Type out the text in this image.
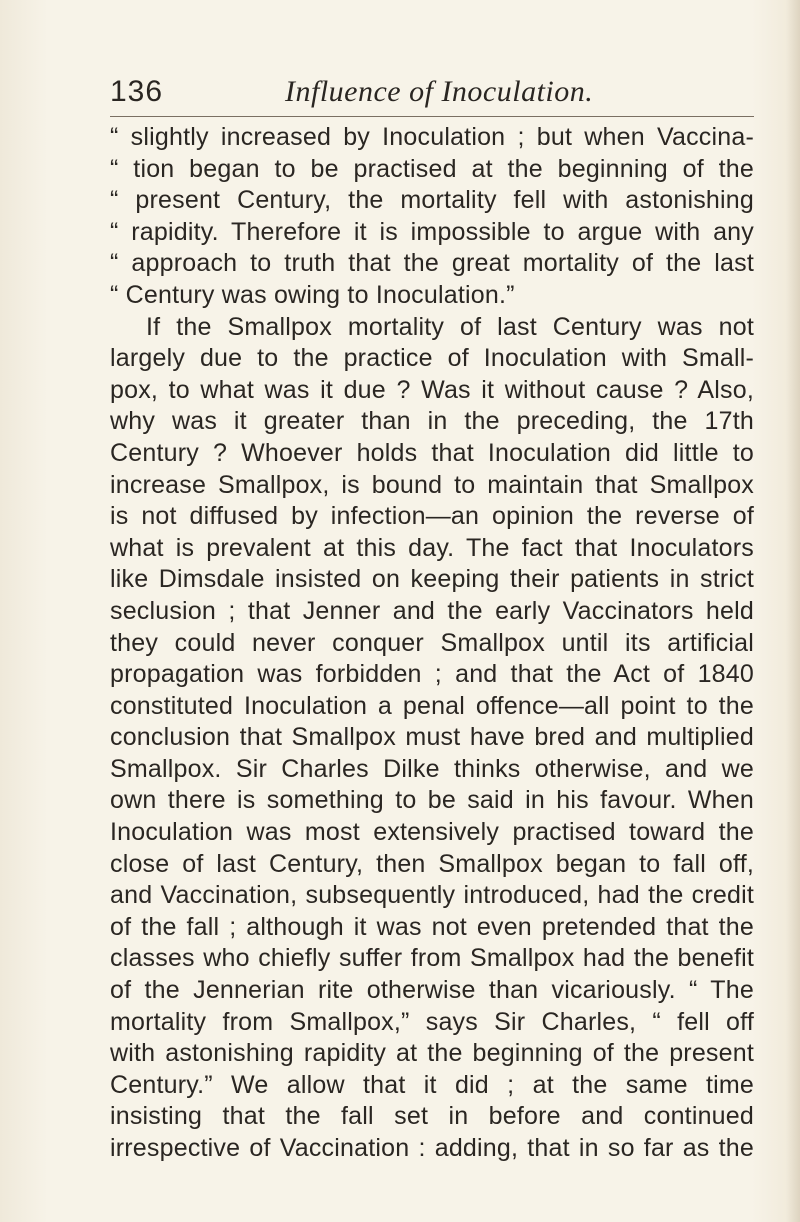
136	Influence of Inoculation.
“ slightly increased by Inoculation ; but when Vaccina-
“ tion began to be practised at the beginning of the
“ present Century, the mortality fell with astonishing
“ rapidity. Therefore it is impossible to argue with any
“ approach to truth that the great mortality of the last
“ Century was owing to Inoculation.”
If the Smallpox mortality of last Century was not
largely due to the practice of Inoculation with Small-
pox, to what was it due ? Was it without cause ? Also,
why was it greater than in the preceding, the 17th
Century ? Whoever holds that Inoculation did little to
increase Smallpox, is bound to maintain that Smallpox
is not diffused by infection—an opinion the reverse of
what is prevalent at this day. The fact that Inoculators
like Dimsdale insisted on keeping their patients in strict
seclusion ; that Jenner and the early Vaccinators held
they could never conquer Smallpox until its artificial
propagation was forbidden ; and that the Act of 1840
constituted Inoculation a penal offence—all point to the
conclusion that Smallpox must have bred and multiplied
Smallpox. Sir Charles Dilke thinks otherwise, and we
own there is something to be said in his favour. When
Inoculation was most extensively practised toward the
close of last Century, then Smallpox began to fall off,
and Vaccination, subsequently introduced, had the credit
of the fall ; although it was not even pretended that the
classes who chiefly suffer from Smallpox had the benefit
of the Jennerian rite otherwise than vicariously. “ The
mortality from Smallpox,” says Sir Charles, “ fell off
with astonishing rapidity at the beginning of the present
Century.” We allow that it did ; at the same time
insisting that the fall set in before and continued
irrespective of Vaccination : adding, that in so far as the
